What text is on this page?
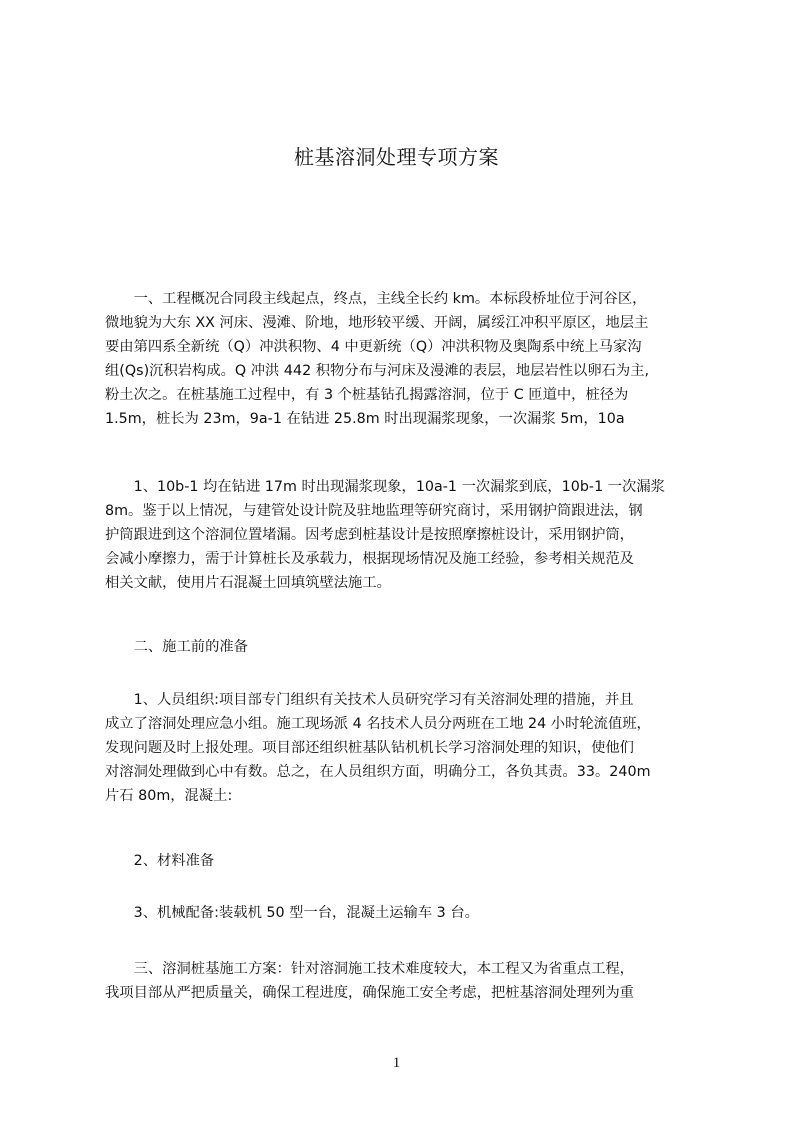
桩基溶洞处理专项方案
　　一、工程概况合同段主线起点，终点，主线全长约 km。本标段桥址位于河谷区，
微地貌为大东 XX 河床、漫滩、阶地，地形较平缓、开阔，属绥江冲积平原区，地层主
要由第四系全新统（Q）冲洪积物、4 中更新统（Q）冲洪积物及奥陶系中统上马家沟
组(Qs)沉积岩构成。Q 冲洪 442 积物分布与河床及漫滩的表层，地层岩性以卵石为主,
粉土次之。在桩基施工过程中，有 3 个桩基钻孔揭露溶洞，位于 C 匝道中，桩径为
1.5m，桩长为 23m，9a-1 在钻进 25.8m 时出现漏浆现象，一次漏浆 5m，10a
　　1、10b-1 均在钻进 17m 时出现漏浆现象，10a-1 一次漏浆到底，10b-1 一次漏浆
8m。鉴于以上情况，与建管处设计院及驻地监理等研究商讨，采用钢护筒跟进法，钢
护筒跟进到这个溶洞位置堵漏。因考虑到桩基设计是按照摩擦桩设计，采用钢护筒，
会减小摩擦力，需于计算桩长及承载力，根据现场情况及施工经验，参考相关规范及
相关文献，使用片石混凝土回填筑壁法施工。
　　二、施工前的准备
　　1、人员组织:项目部专门组织有关技术人员研究学习有关溶洞处理的措施，并且
成立了溶洞处理应急小组。施工现场派 4 名技术人员分两班在工地 24 小时轮流值班，
发现问题及时上报处理。项目部还组织桩基队钻机机长学习溶洞处理的知识，使他们
对溶洞处理做到心中有数。总之，在人员组织方面，明确分工，各负其责。33。240m
片石 80m，混凝土:
　　2、材料准备
　　3、机械配备:装载机 50 型一台，混凝土运输车 3 台。
　　三、溶洞桩基施工方案：针对溶洞施工技术难度较大，本工程又为省重点工程，
我项目部从严把质量关，确保工程进度，确保施工安全考虑，把桩基溶洞处理列为重
1
